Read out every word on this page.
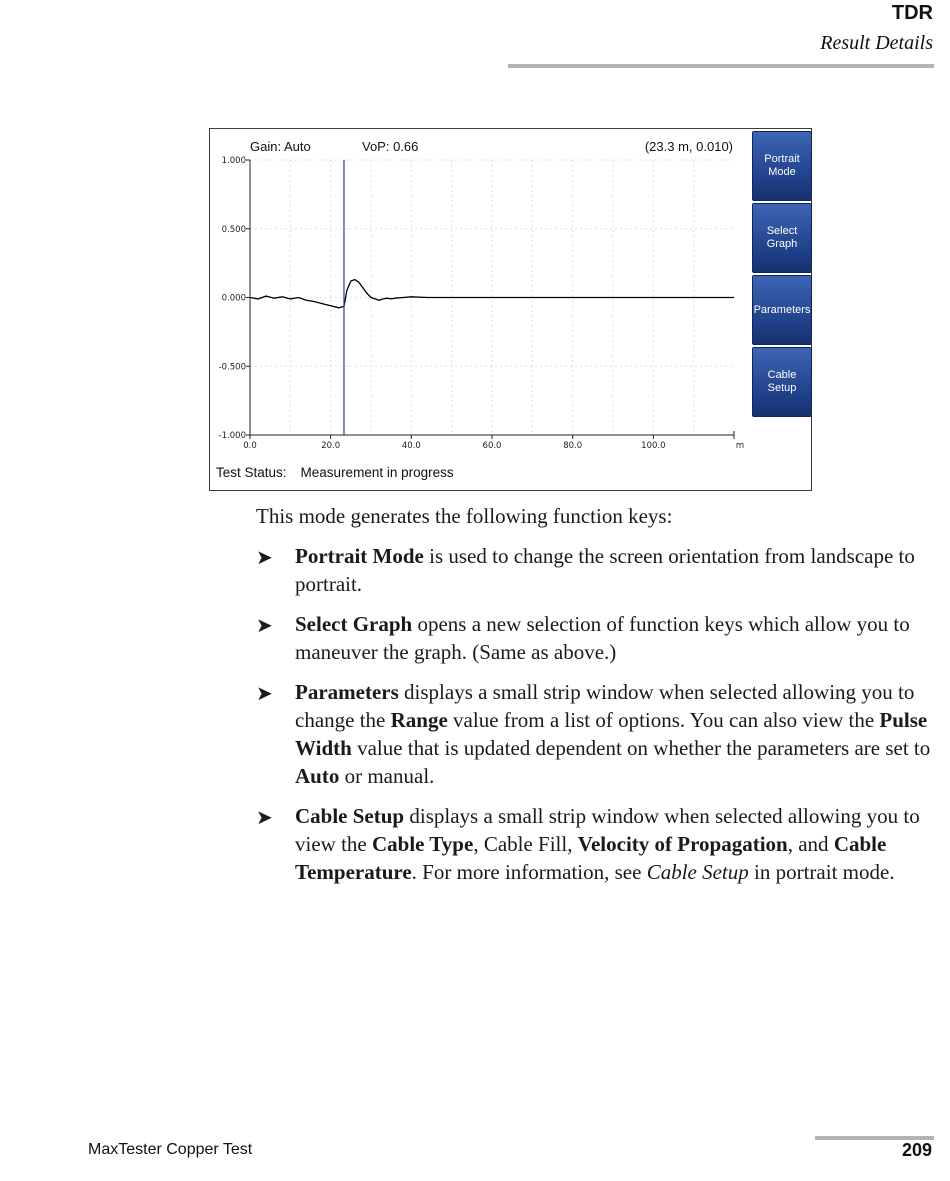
TDR
Result Details
Gain: Auto	VoP: 0.66	(23.3 m, 0.010)
1.000
0.500
0.000
-0.500
-1.000
0.0	20.0	40.0	60.0	80.0	100.0	m
Test Status: Measurement in progress
Portrait
Mode
Select
Graph
Parameters
Cable Setup

This mode generates the following function keys:

➤ Portrait Mode is used to change the screen orientation from landscape to portrait.
➤ Select Graph opens a new selection of function keys which allow you to maneuver the graph. (Same as above.)
➤ Parameters displays a small strip window when selected allowing you to change the Range value from a list of options. You can also view the Pulse Width value that is updated dependent on whether the parameters are set to Auto or manual.
➤ Cable Setup displays a small strip window when selected allowing you to view the Cable Type, Cable Fill, Velocity of Propagation, and Cable Temperature. For more information, see Cable Setup in portrait mode.
MaxTester Copper Test	209
